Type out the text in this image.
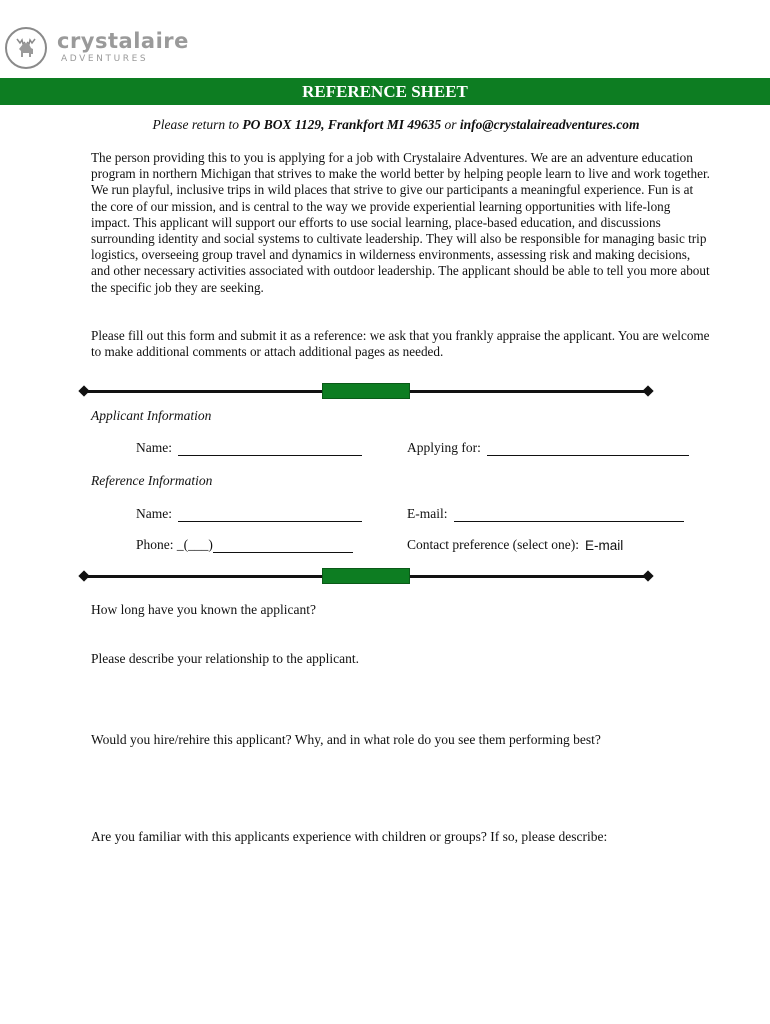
crystalaire
ADVENTURES
REFERENCE SHEET
Please return to PO BOX 1129, Frankfort MI 49635 or info@crystalaireadventures.com

The person providing this to you is applying for a job with Crystalaire Adventures. We are an adventure education program in northern Michigan that strives to make the world better by helping people learn to live and work together. We run playful, inclusive trips in wild places that strive to give our participants a meaningful experience. Fun is at the core of our mission, and is central to the way we provide experiential learning opportunities with life-long impact. This applicant will support our efforts to use social learning, place-based education, and discussions surrounding identity and social systems to cultivate leadership. They will also be responsible for managing basic trip logistics, overseeing group travel and dynamics in wilderness environments, assessing risk and making decisions, and other necessary activities associated with outdoor leadership. The applicant should be able to tell you more about the specific job they are seeking.

Please fill out this form and submit it as a reference: we ask that you frankly appraise the applicant. You are welcome to make additional comments or attach additional pages as needed.

Applicant Information
Name:	Applying for:
Reference Information
Name:	E-mail:
Phone: _(___)	Contact preference (select one): E-mail
How long have you known the applicant?
Please describe your relationship to the applicant.
Would you hire/rehire this applicant? Why, and in what role do you see them performing best?
Are you familiar with this applicants experience with children or groups? If so, please describe:
